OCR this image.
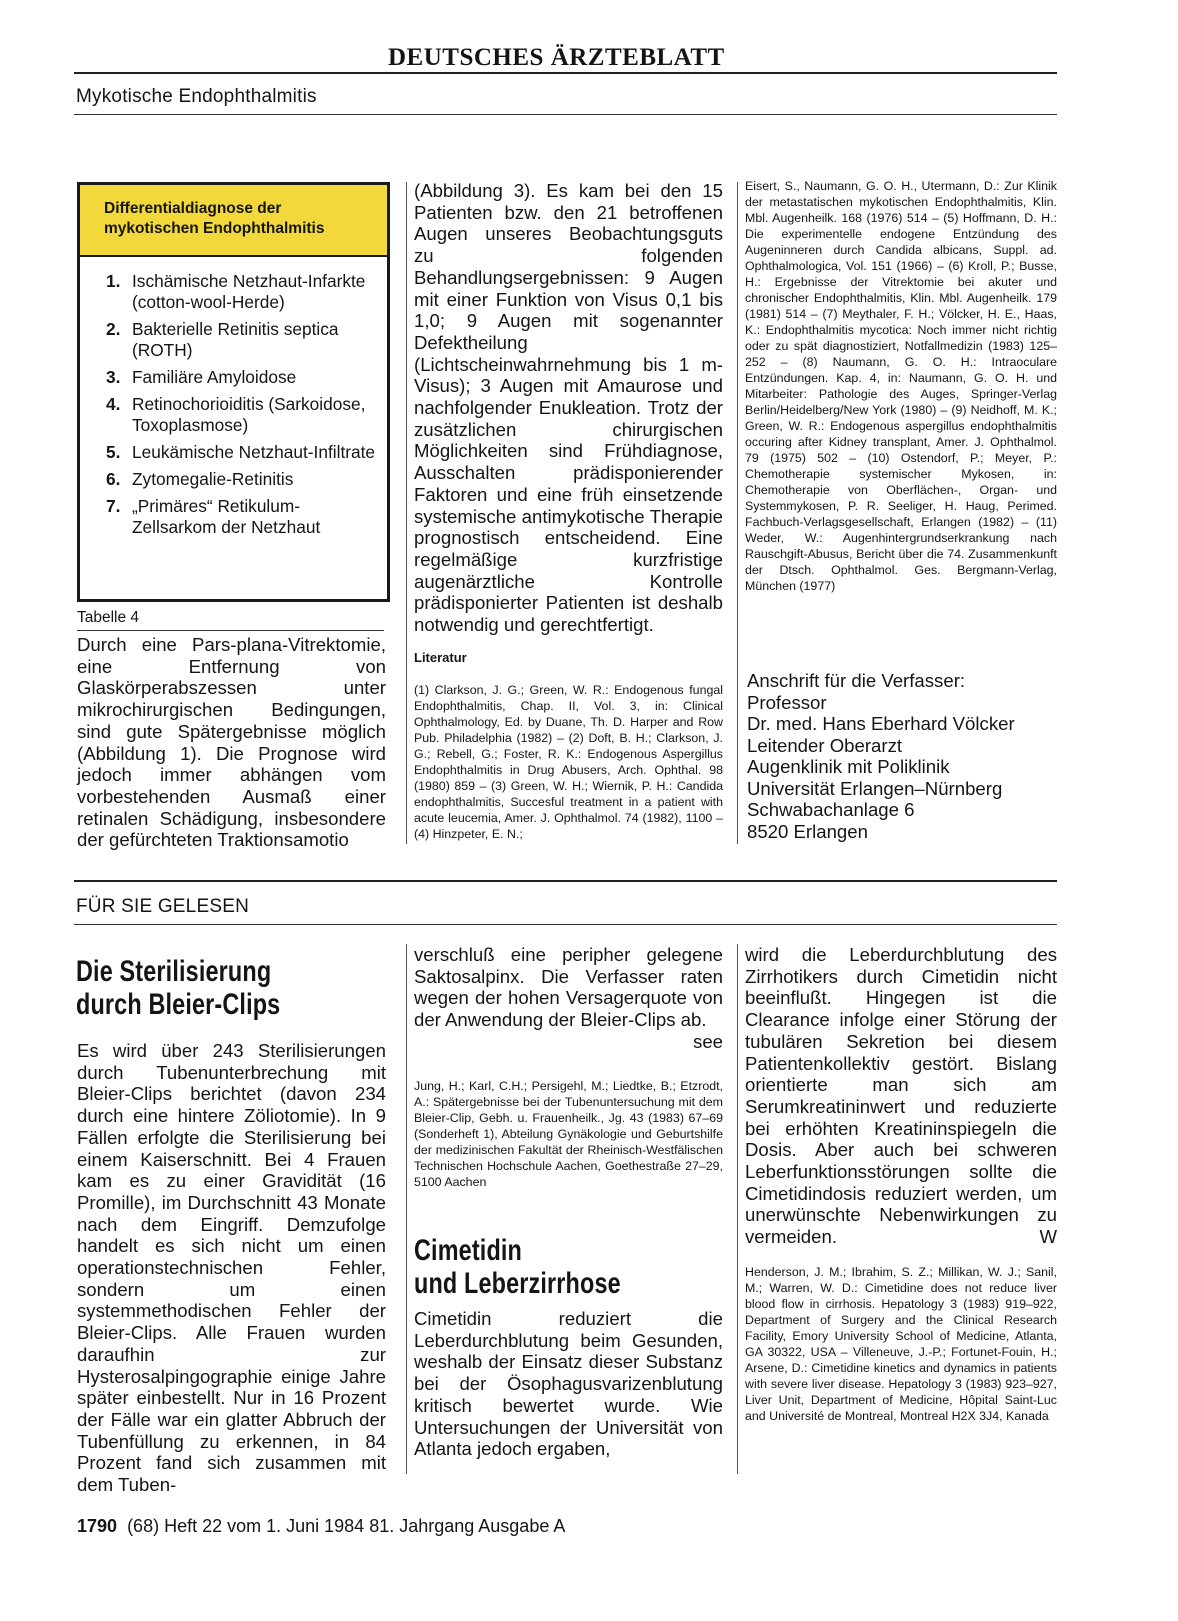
DEUTSCHES ÄRZTEBLATT
Mykotische Endophthalmitis
Differentialdiagnose der mykotischen Endophthalmitis
1. Ischämische Netzhaut-Infarkte (cotton-wool-Herde)
2. Bakterielle Retinitis septica (ROTH)
3. Familiäre Amyloidose
4. Retinochorioiditis (Sarkoidose, Toxoplasmose)
5. Leukämische Netzhaut-Infiltrate
6. Zytomegalie-Retinitis
7. „Primäres“ Retikulum-Zellsarkom der Netzhaut
Tabelle 4
Durch eine Pars-plana-Vitrektomie, eine Entfernung von Glaskörperabszessen unter mikrochirurgischen Bedingungen, sind gute Spätergebnisse möglich (Abbildung 1). Die Prognose wird jedoch immer abhängen vom vorbestehenden Ausmaß einer retinalen Schädigung, insbesondere der gefürchteten Traktionsamotio
(Abbildung 3). Es kam bei den 15 Patienten bzw. den 21 betroffenen Augen unseres Beobachtungsguts zu folgenden Behandlungsergebnissen: 9 Augen mit einer Funktion von Visus 0,1 bis 1,0; 9 Augen mit sogenannter Defektheilung (Lichtscheinwahrnehmung bis 1 m-Visus); 3 Augen mit Amaurose und nachfolgender Enukleation. Trotz der zusätzlichen chirurgischen Möglichkeiten sind Frühdiagnose, Ausschalten prädisponierender Faktoren und eine früh einsetzende systemische antimykotische Therapie prognostisch entscheidend. Eine regelmäßige kurzfristige augenärztliche Kontrolle prädisponierter Patienten ist deshalb notwendig und gerechtfertigt.
Literatur
(1) Clarkson, J. G.; Green, W. R.: Endogenous fungal Endophthalmitis, Chap. II, Vol. 3, in: Clinical Ophthalmology, Ed. by Duane, Th. D. Harper and Row Pub. Philadelphia (1982) – (2) Doft, B. H.; Clarkson, J. G.; Rebell, G.; Foster, R. K.: Endogenous Aspergillus Endophthalmitis in Drug Abusers, Arch. Ophthal. 98 (1980) 859 – (3) Green, W. H.; Wiernik, P. H.: Candida endophthalmitis, Succesful treatment in a patient with acute leucemia, Amer. J. Ophthalmol. 74 (1982), 1100 – (4) Hinzpeter, E. N.;
Eisert, S., Naumann, G. O. H., Utermann, D.: Zur Klinik der metastatischen mykotischen Endophthalmitis, Klin. Mbl. Augenheilk. 168 (1976) 514 – (5) Hoffmann, D. H.: Die experimentelle endogene Entzündung des Augeninneren durch Candida albicans, Suppl. ad. Ophthalmologica, Vol. 151 (1966) – (6) Kroll, P.; Busse, H.: Ergebnisse der Vitrektomie bei akuter und chronischer Endophthalmitis, Klin. Mbl. Augenheilk. 179 (1981) 514 – (7) Meythaler, F. H.; Völcker, H. E., Haas, K.: Endophthalmitis mycotica: Noch immer nicht richtig oder zu spät diagnostiziert, Notfallmedizin (1983) 125–252 – (8) Naumann, G. O. H.: Intraoculare Entzündungen. Kap. 4, in: Naumann, G. O. H. und Mitarbeiter: Pathologie des Auges, Springer-Verlag Berlin/Heidelberg/New York (1980) – (9) Neidhoff, M. K.; Green, W. R.: Endogenous aspergillus endophthalmitis occuring after Kidney transplant, Amer. J. Ophthalmol. 79 (1975) 502 – (10) Ostendorf, P.; Meyer, P.: Chemotherapie systemischer Mykosen, in: Chemotherapie von Oberflächen-, Organ- und Systemmykosen, P. R. Seeliger, H. Haug, Perimed. Fachbuch-Verlagsgesellschaft, Erlangen (1982) – (11) Weder, W.: Augenhintergrundserkrankung nach Rauschgift-Abusus, Bericht über die 74. Zusammenkunft der Dtsch. Ophthalmol. Ges. Bergmann-Verlag, München (1977)
Anschrift für die Verfasser:
Professor
Dr. med. Hans Eberhard Völcker
Leitender Oberarzt
Augenklinik mit Poliklinik
Universität Erlangen–Nürnberg
Schwabachanlage 6
8520 Erlangen
FÜR SIE GELESEN
Die Sterilisierung
durch Bleier-Clips
Es wird über 243 Sterilisierungen durch Tubenunterbrechung mit Bleier-Clips berichtet (davon 234 durch eine hintere Zöliotomie). In 9 Fällen erfolgte die Sterilisierung bei einem Kaiserschnitt. Bei 4 Frauen kam es zu einer Gravidität (16 Promille), im Durchschnitt 43 Monate nach dem Eingriff. Demzufolge handelt es sich nicht um einen operationstechnischen Fehler, sondern um einen systemmethodischen Fehler der Bleier-Clips. Alle Frauen wurden daraufhin zur Hysterosalpingographie einige Jahre später einbestellt. Nur in 16 Prozent der Fälle war ein glatter Abbruch der Tubenfüllung zu erkennen, in 84 Prozent fand sich zusammen mit dem Tuben-
verschluß eine peripher gelegene Saktosalpinx. Die Verfasser raten wegen der hohen Versagerquote von der Anwendung der Bleier-Clips ab.
see
Jung, H.; Karl, C.H.; Persigehl, M.; Liedtke, B.; Etzrodt, A.: Spätergebnisse bei der Tubenuntersuchung mit dem Bleier-Clip, Gebh. u. Frauenheilk., Jg. 43 (1983) 67–69 (Sonderheft 1), Abteilung Gynäkologie und Geburtshilfe der medizinischen Fakultät der Rheinisch-Westfälischen Technischen Hochschule Aachen, Goethestraße 27–29, 5100 Aachen
Cimetidin
und Leberzirrhose
Cimetidin reduziert die Leberdurchblutung beim Gesunden, weshalb der Einsatz dieser Substanz bei der Ösophagusvarizenblutung kritisch bewertet wurde. Wie Untersuchungen der Universität von Atlanta jedoch ergaben,
wird die Leberdurchblutung des Zirrhotikers durch Cimetidin nicht beeinflußt. Hingegen ist die Clearance infolge einer Störung der tubulären Sekretion bei diesem Patientenkollektiv gestört. Bislang orientierte man sich am Serumkreatininwert und reduzierte bei erhöhten Kreatininspiegeln die Dosis. Aber auch bei schweren Leberfunktionsstörungen sollte die Cimetidindosis reduziert werden, um unerwünschte Nebenwirkungen zu vermeiden.	W
Henderson, J. M.; Ibrahim, S. Z.; Millikan, W. J.; Sanil, M.; Warren, W. D.: Cimetidine does not reduce liver blood flow in cirrhosis. Hepatology 3 (1983) 919–922, Department of Surgery and the Clinical Research Facility, Emory University School of Medicine, Atlanta, GA 30322, USA – Villeneuve, J.-P.; Fortunet-Fouin, H.; Arsene, D.: Cimetidine kinetics and dynamics in patients with severe liver disease. Hepatology 3 (1983) 923–927, Liver Unit, Department of Medicine, Hôpital Saint-Luc and Université de Montreal, Montreal H2X 3J4, Kanada
1790 (68) Heft 22 vom 1. Juni 1984 81. Jahrgang Ausgabe A
